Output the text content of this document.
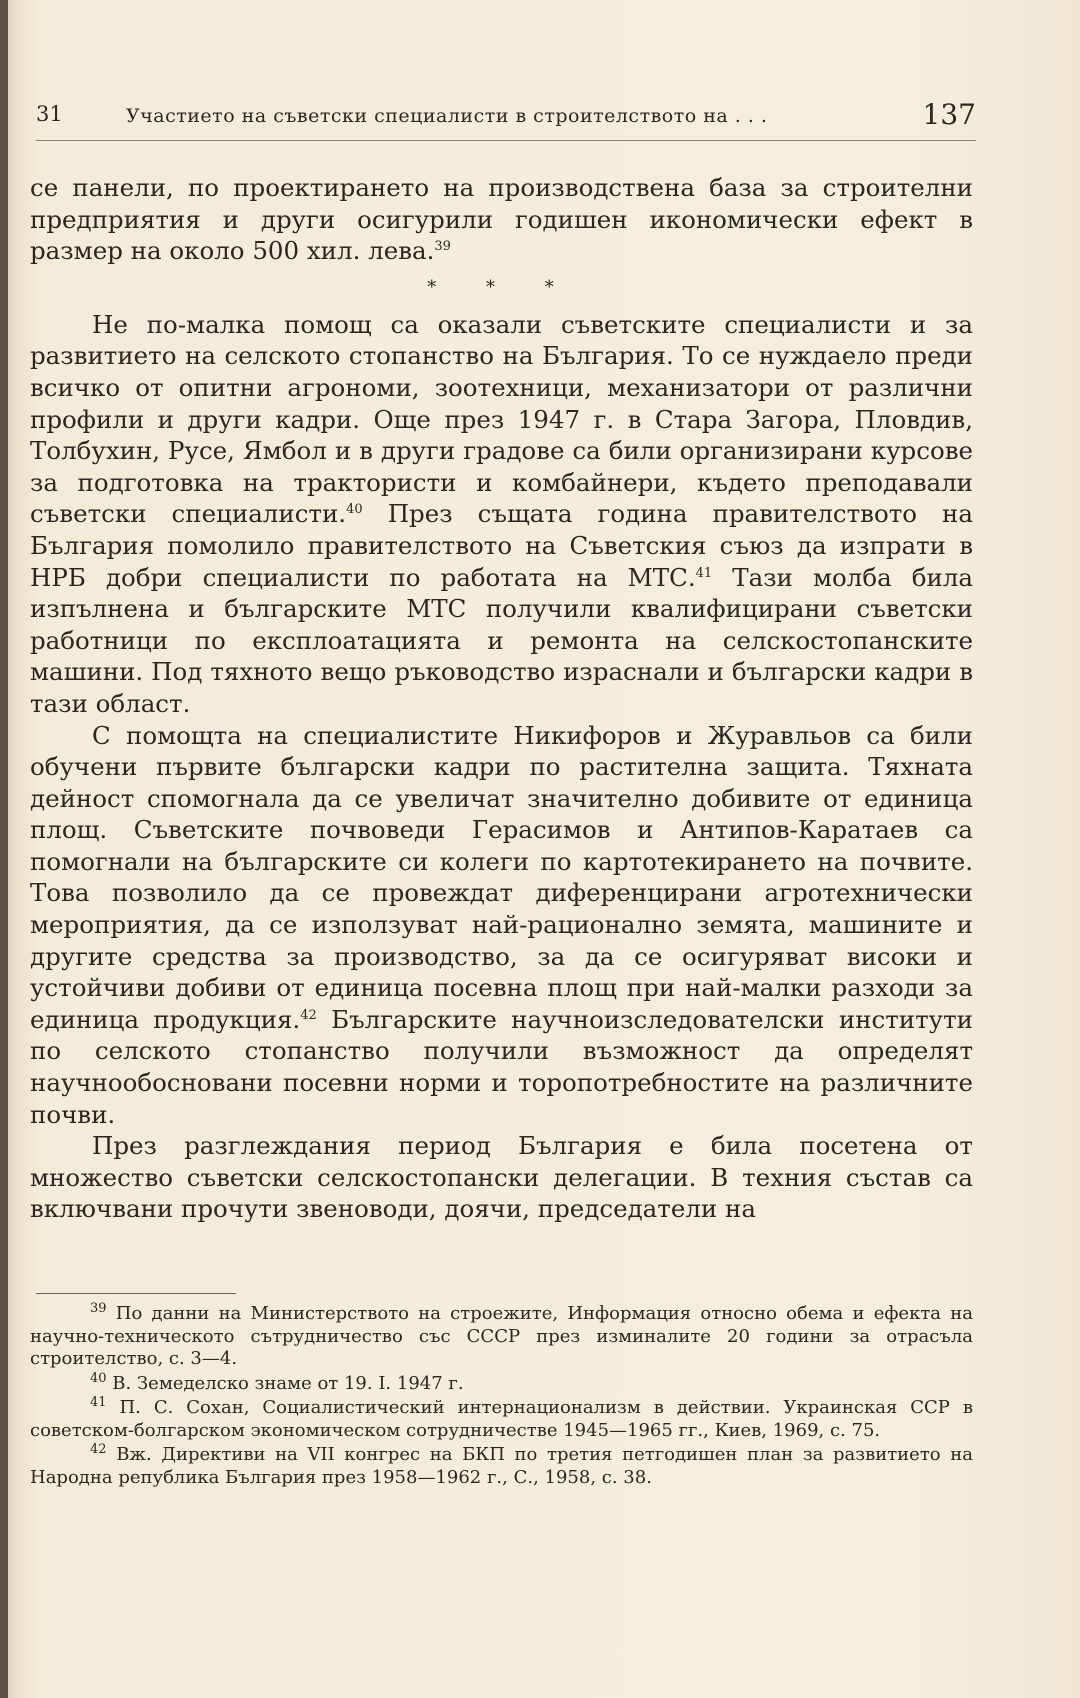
31	Участието на съветски специалисти в строителството на . . .	137

се панели, по проектирането на производствена база за строителни предприятия и други осигурили годишен икономически ефект в размер на около 500 хил. лева.$^{39}$

* * *

Не по-малка помощ са оказали съветските специалисти и за развитието на селското стопанство на България. То се нуждаело преди всичко от опитни агрономи, зоотехници, механизатори от различни профили и други кадри. Още през 1947 г. в Стара Загора, Пловдив, Толбухин, Русе, Ямбол и в други градове са били организирани курсове за подготовка на трактористи и комбайнери, където преподавали съветски специалисти.$^{40}$ През същата година правителството на България помолило правителството на Съветския съюз да изпрати в НРБ добри специалисти по работата на МТС.$^{41}$ Тази молба била изпълнена и българските МТС получили квалифицирани съветски работници по експлоатацията и ремонта на селскостопанските машини. Под тяхното вещо ръководство израснали и български кадри в тази област.

С помощта на специалистите Никифоров и Журавльов са били обучени първите български кадри по растителна защита. Тяхната дейност спомогнала да се увеличат значително добивите от единица площ. Съветските почвоведи Герасимов и Антипов-Каратаев са помогнали на българските си колеги по картотекирането на почвите. Това позволило да се провеждат диференцирани агротехнически мероприятия, да се използуват най-рационално земята, машините и другите средства за производство, за да се осигуряват високи и устойчиви добиви от единица посевна площ при най-малки разходи за единица продукция.$^{42}$ Българските научноизследователски институти по селското стопанство получили възможност да определят научнообосновани посевни норми и торопотребностите на различните почви.

През разглеждания период България е била посетена от множество съветски селскостопански делегации. В техния състав са включвани прочути звеноводи, доячи, председатели на

$^{39}$ По данни на Министерството на строежите, Информация относно обема и ефекта на научно-техническото сътрудничество със СССР през изминалите 20 години за отрасъла строителство, с. 3—4.

$^{40}$ В. Земеделско знаме от 19. I. 1947 г.

$^{41}$ П. С. Сохан, Социалистический интернационализм в действии. Украинская ССР в советском-болгарском экономическом сотрудничестве 1945—1965 гг., Киев, 1969, с. 75.

$^{42}$ Вж. Директиви на VII конгрес на БКП по третия петгодишен план за развитието на Народна република България през 1958—1962 г., С., 1958, с. 38.
